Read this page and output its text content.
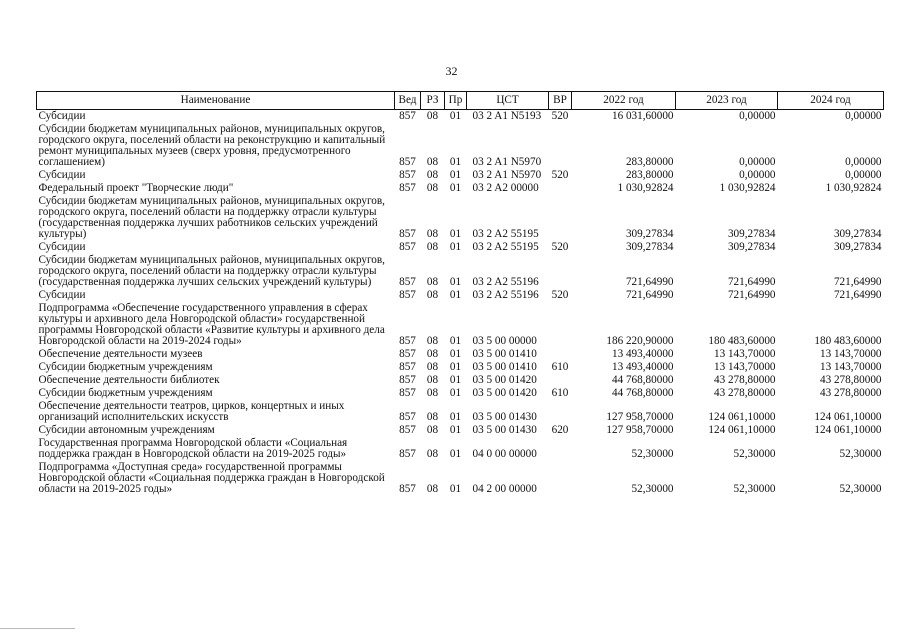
32
Наименование	Вед	РЗ	Пр	ЦСТ	ВР	2022 год	2023 год	2024 год
Субсидии	857	08	01	03 2 A1 N5193	520	16 031,60000	0,00000	0,00000
Субсидии бюджетам муниципальных районов, муниципальных округов, городского округа, поселений области на реконструкцию и капитальный ремонт муниципальных музеев (сверх уровня, предусмотренного соглашением)	857	08	01	03 2 A1 N5970		283,80000	0,00000	0,00000
Субсидии	857	08	01	03 2 A1 N5970	520	283,80000	0,00000	0,00000
Федеральный проект "Творческие люди"	857	08	01	03 2 A2 00000		1 030,92824	1 030,92824	1 030,92824
Субсидии бюджетам муниципальных районов, муниципальных округов, городского округа, поселений области на поддержку отрасли культуры (государственная поддержка лучших работников сельских учреждений культуры)	857	08	01	03 2 A2 55195		309,27834	309,27834	309,27834
Субсидии	857	08	01	03 2 A2 55195	520	309,27834	309,27834	309,27834
Субсидии бюджетам муниципальных районов, муниципальных округов, городского округа, поселений области на поддержку отрасли культуры (государственная поддержка лучших сельских учреждений культуры)	857	08	01	03 2 A2 55196		721,64990	721,64990	721,64990
Субсидии	857	08	01	03 2 A2 55196	520	721,64990	721,64990	721,64990
Подпрограмма «Обеспечение государственного управления в сферах культуры и архивного дела Новгородской области» государственной программы Новгородской области «Развитие культуры и архивного дела Новгородской области на 2019-2024 годы»	857	08	01	03 5 00 00000		186 220,90000	180 483,60000	180 483,60000
Обеспечение деятельности музеев	857	08	01	03 5 00 01410		13 493,40000	13 143,70000	13 143,70000
Субсидии бюджетным учреждениям	857	08	01	03 5 00 01410	610	13 493,40000	13 143,70000	13 143,70000
Обеспечение деятельности библиотек	857	08	01	03 5 00 01420		44 768,80000	43 278,80000	43 278,80000
Субсидии бюджетным учреждениям	857	08	01	03 5 00 01420	610	44 768,80000	43 278,80000	43 278,80000
Обеспечение деятельности театров, цирков, концертных и иных организаций исполнительских искусств	857	08	01	03 5 00 01430		127 958,70000	124 061,10000	124 061,10000
Субсидии автономным учреждениям	857	08	01	03 5 00 01430	620	127 958,70000	124 061,10000	124 061,10000
Государственная программа Новгородской области «Социальная поддержка граждан в Новгородской области на 2019-2025 годы»	857	08	01	04 0 00 00000		52,30000	52,30000	52,30000
Подпрограмма «Доступная среда» государственной программы Новгородской области «Социальная поддержка граждан в Новгородской области на 2019-2025 годы»	857	08	01	04 2 00 00000		52,30000	52,30000	52,30000
